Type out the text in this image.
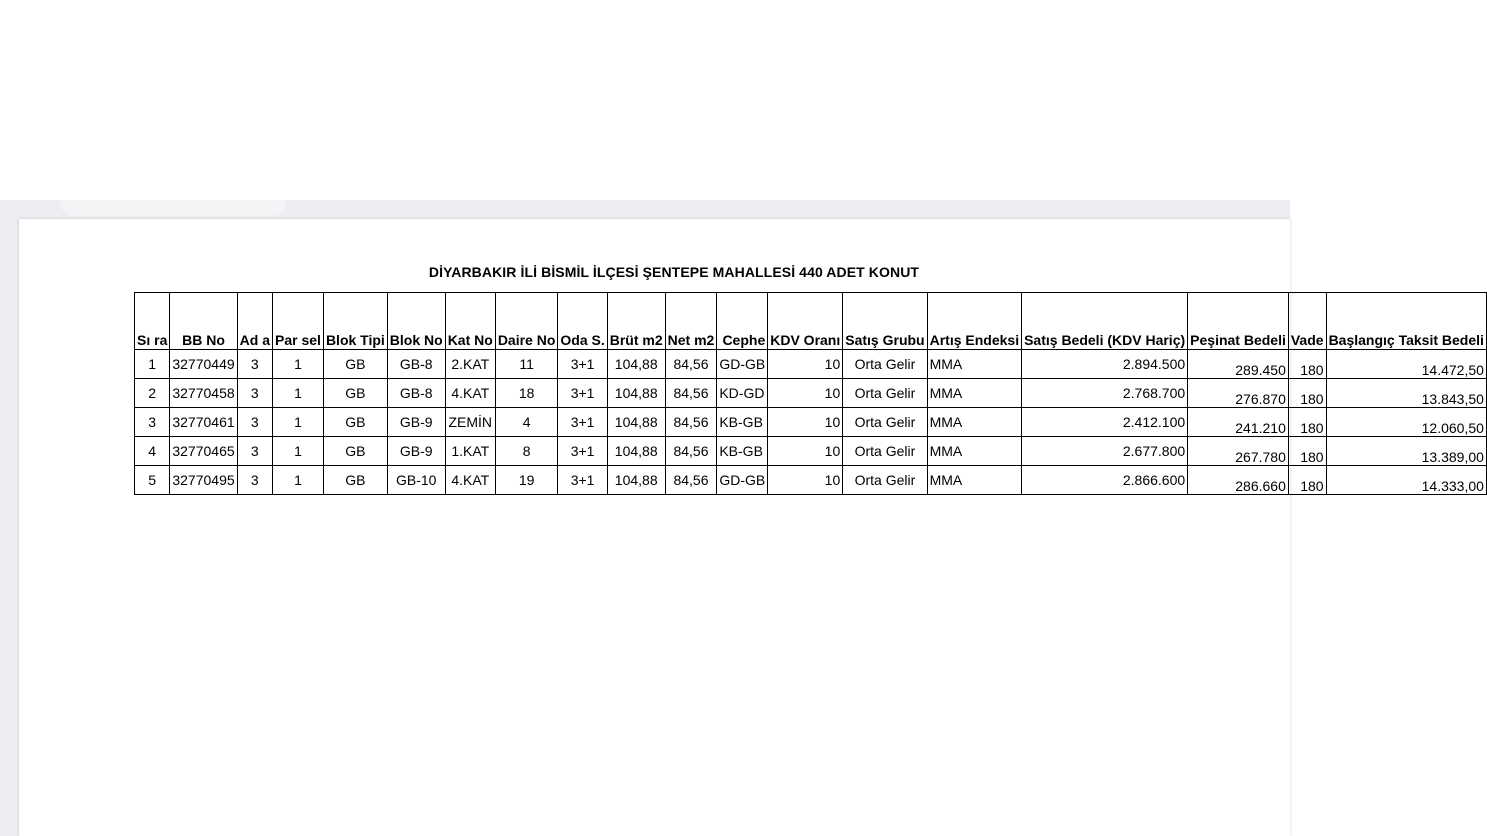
DİYARBAKIR İLİ BİSMİL İLÇESİ ŞENTEPE MAHALLESİ 440 ADET KONUT
Sı ra	BB No	Ad a	Par sel	Blok Tipi	Blok No	Kat No	Daire No	Oda S.	Brüt m2	Net m2	Cephe	KDV Oranı	Satış Grubu	Artış Endeksi	Satış Bedeli (KDV Hariç)	Peşinat Bedeli	Vade	Başlangıç Taksit Bedeli
1	32770449	3	1	GB	GB-8	2.KAT	11	3+1	104,88	84,56	GD-GB	10	Orta Gelir	MMA	2.894.500	289.450	180	14.472,50
2	32770458	3	1	GB	GB-8	4.KAT	18	3+1	104,88	84,56	KD-GD	10	Orta Gelir	MMA	2.768.700	276.870	180	13.843,50
3	32770461	3	1	GB	GB-9	ZEMİN	4	3+1	104,88	84,56	KB-GB	10	Orta Gelir	MMA	2.412.100	241.210	180	12.060,50
4	32770465	3	1	GB	GB-9	1.KAT	8	3+1	104,88	84,56	KB-GB	10	Orta Gelir	MMA	2.677.800	267.780	180	13.389,00
5	32770495	3	1	GB	GB-10	4.KAT	19	3+1	104,88	84,56	GD-GB	10	Orta Gelir	MMA	2.866.600	286.660	180	14.333,00
